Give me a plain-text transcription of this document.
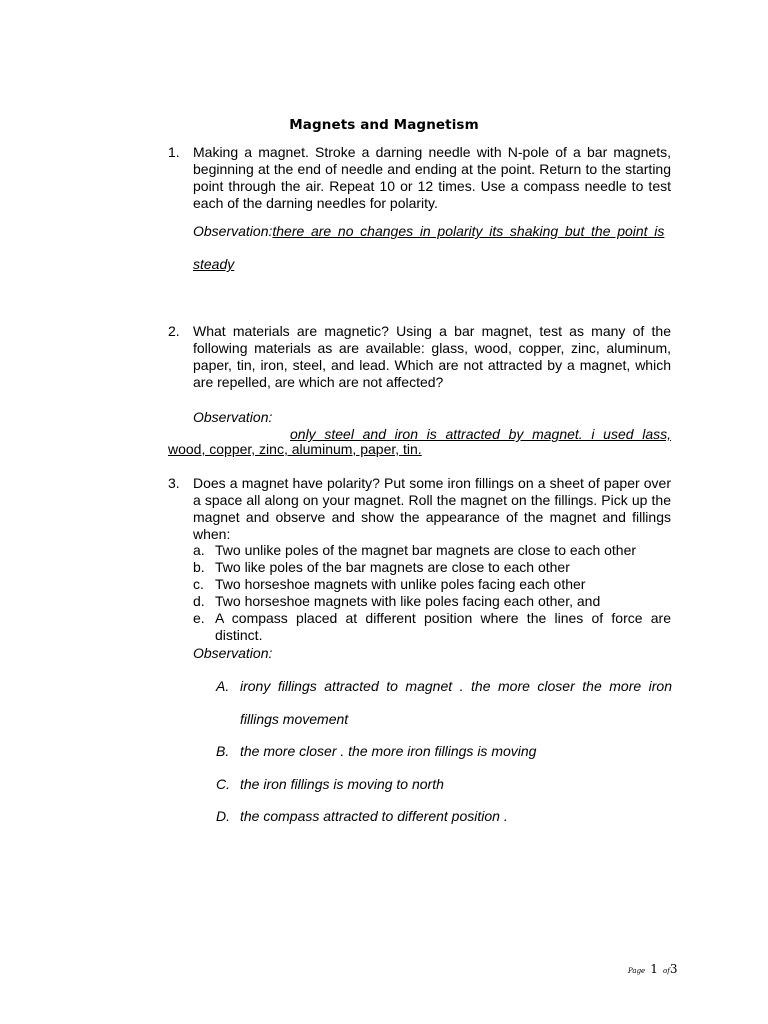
Magnets and Magnetism
1. Making a magnet. Stroke a darning needle with N-pole of a bar magnets, beginning at the end of needle and ending at the point. Return to the starting point through the air. Repeat 10 or 12 times. Use a compass needle to test each of the darning needles for polarity.
Observation:there are no changes in polarity its shaking but the point is
steady
2. What materials are magnetic? Using a bar magnet, test as many of the following materials as are available: glass, wood, copper, zinc, aluminum, paper, tin, iron, steel, and lead. Which are not attracted by a magnet, which are repelled, are which are not affected?
Observation:
only steel and iron is attracted by magnet. i used lass,
wood, copper, zinc, aluminum, paper, tin.
3. Does a magnet have polarity? Put some iron fillings on a sheet of paper over a space all along on your magnet. Roll the magnet on the fillings. Pick up the magnet and observe and show the appearance of the magnet and fillings when:
a. Two unlike poles of the magnet bar magnets are close to each other
b. Two like poles of the bar magnets are close to each other
c. Two horseshoe magnets with unlike poles facing each other
d. Two horseshoe magnets with like poles facing each other, and
e. A compass placed at different position where the lines of force are
distinct.
Observation:
A. irony fillings attracted to magnet . the more closer the more iron
fillings movement
B. the more closer . the more iron fillings is moving
C. the iron fillings is moving to north
D. the compass attracted to different position .
Page 1 of3
